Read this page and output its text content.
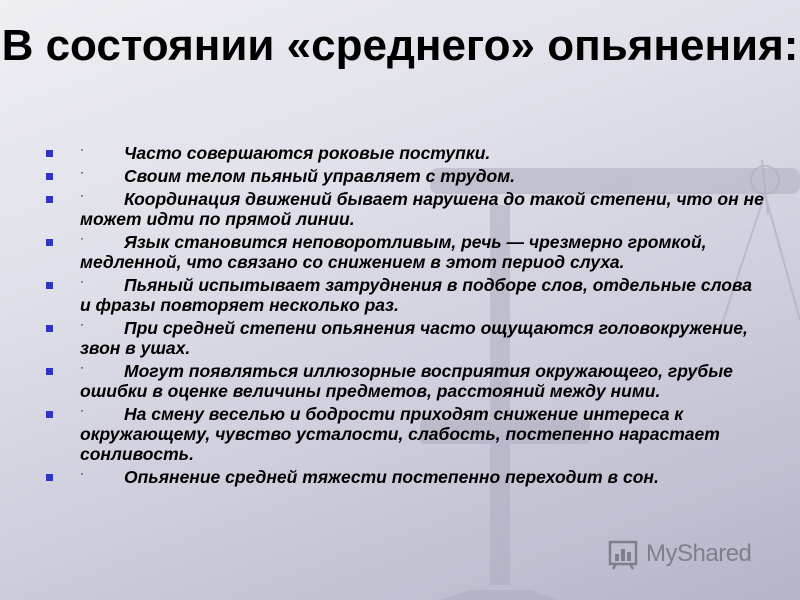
В состоянии «среднего» опьянения:
·	Часто совершаются роковые поступки.
·	Своим телом пьяный управляет с трудом.
·	Координация движений бывает нарушена до такой степени, что он не может идти по прямой линии.
·	Язык становится неповоротливым, речь — чрезмерно громкой, медленной, что связано со снижением в этот период слуха.
·	Пьяный испытывает затруднения в подборе слов, отдельные слова и фразы повторяет несколько раз.
·	При средней степени опьянения часто ощущаются головокружение, звон в ушах.
·	Могут появляться иллюзорные восприятия окружающего, грубые ошибки в оценке величины предметов, расстояний между ними.
·	На смену веселью и бодрости приходят снижение интереса к окружающему, чувство усталости, слабость, постепенно нарастает сонливость.
·	Опьянение средней тяжести постепенно переходит в сон.
MyShared
